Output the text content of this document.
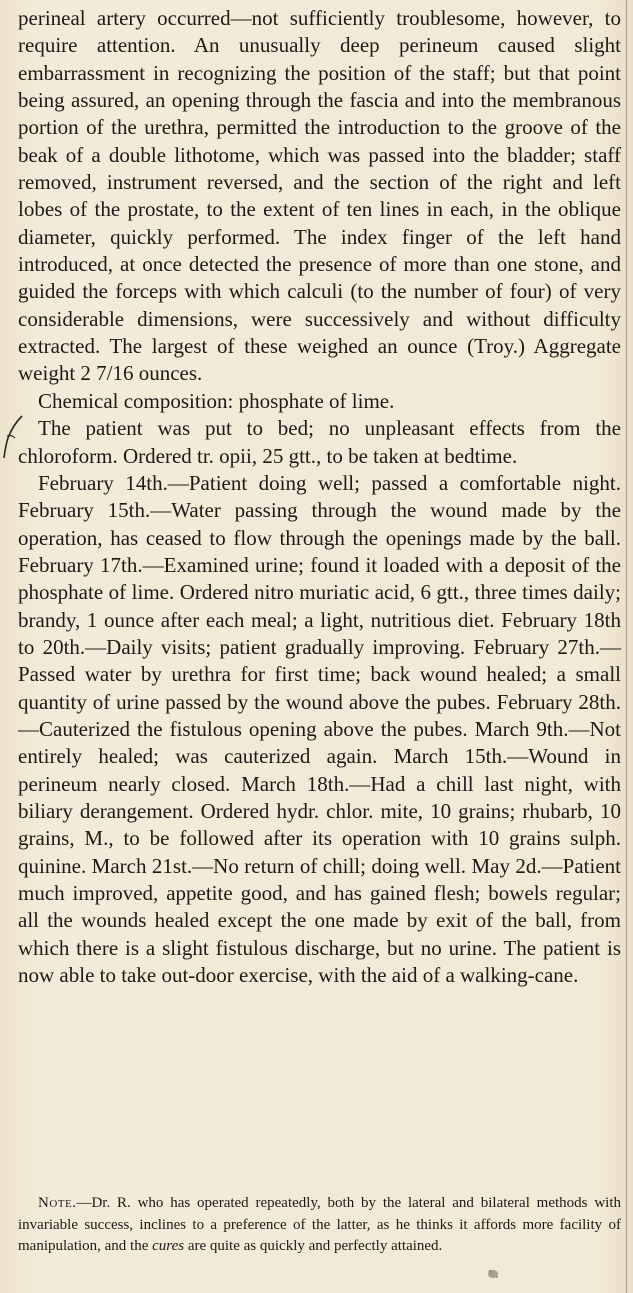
perineal artery occurred—not sufficiently troublesome, however, to require attention. An unusually deep perineum caused slight embarrassment in recognizing the position of the staff; but that point being assured, an opening through the fascia and into the membranous portion of the urethra, permitted the introduction to the groove of the beak of a double lithotome, which was passed into the bladder; staff removed, instrument reversed, and the section of the right and left lobes of the prostate, to the extent of ten lines in each, in the oblique diameter, quickly performed. The index finger of the left hand introduced, at once detected the presence of more than one stone, and guided the forceps with which calculi (to the number of four) of very considerable dimensions, were successively and without difficulty extracted. The largest of these weighed an ounce (Troy.) Aggregate weight 2 7/16 ounces.

Chemical composition: phosphate of lime.

The patient was put to bed; no unpleasant effects from the chloroform. Ordered tr. opii, 25 gtt., to be taken at bedtime.

February 14th.—Patient doing well; passed a comfortable night. February 15th.—Water passing through the wound made by the operation, has ceased to flow through the openings made by the ball. February 17th.—Examined urine; found it loaded with a deposit of the phosphate of lime. Ordered nitro muriatic acid, 6 gtt., three times daily; brandy, 1 ounce after each meal; a light, nutritious diet. February 18th to 20th.—Daily visits; patient gradually improving. February 27th.—Passed water by urethra for first time; back wound healed; a small quantity of urine passed by the wound above the pubes. February 28th.—Cauterized the fistulous opening above the pubes. March 9th.—Not entirely healed; was cauterized again. March 15th.—Wound in perineum nearly closed. March 18th.—Had a chill last night, with biliary derangement. Ordered hydr. chlor. mite, 10 grains; rhubarb, 10 grains, M., to be followed after its operation with 10 grains sulph. quinine. March 21st.—No return of chill; doing well. May 2d.—Patient much improved, appetite good, and has gained flesh; bowels regular; all the wounds healed except the one made by exit of the ball, from which there is a slight fistulous discharge, but no urine. The patient is now able to take out-door exercise, with the aid of a walking-cane.

Note.—Dr. R. who has operated repeatedly, both by the lateral and bilateral methods with invariable success, inclines to a preference of the latter, as he thinks it affords more facility of manipulation, and the cures are quite as quickly and perfectly attained.
